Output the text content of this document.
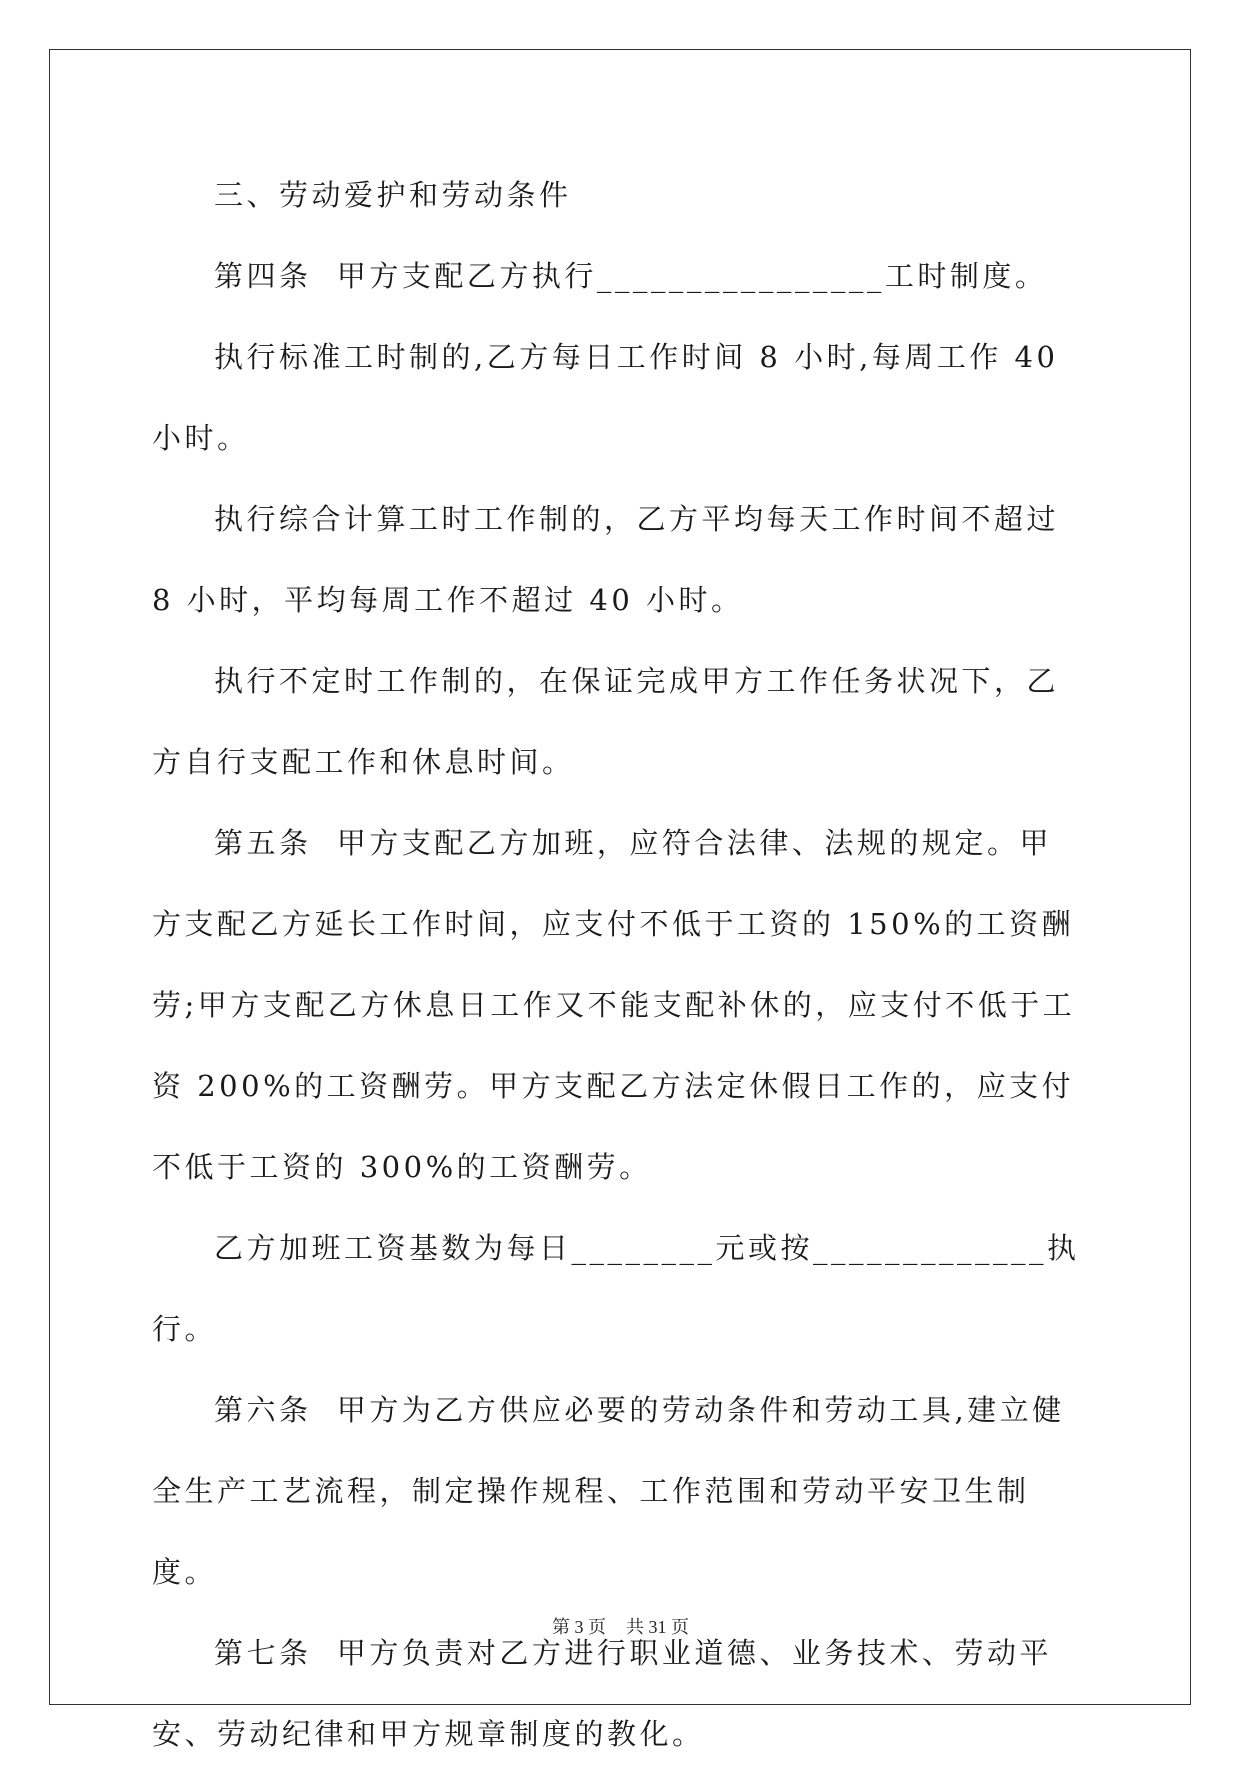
三、劳动爱护和劳动条件

第四条  甲方支配乙方执行________________工时制度。

执行标准工时制的,乙方每日工作时间 8 小时,每周工作 40 小时。

执行综合计算工时工作制的，乙方平均每天工作时间不超过 8 小时，平均每周工作不超过 40 小时。

执行不定时工作制的，在保证完成甲方工作任务状况下，乙方自行支配工作和休息时间。

第五条  甲方支配乙方加班，应符合法律、法规的规定。甲方支配乙方延长工作时间，应支付不低于工资的 150%的工资酬劳;甲方支配乙方休息日工作又不能支配补休的，应支付不低于工资 200%的工资酬劳。甲方支配乙方法定休假日工作的，应支付不低于工资的 300%的工资酬劳。

乙方加班工资基数为每日________元或按_____________执行。

第六条  甲方为乙方供应必要的劳动条件和劳动工具,建立健全生产工艺流程，制定操作规程、工作范围和劳动平安卫生制度。

第七条  甲方负责对乙方进行职业道德、业务技术、劳动平安、劳动纪律和甲方规章制度的教化。

第 3 页 共 31 页
